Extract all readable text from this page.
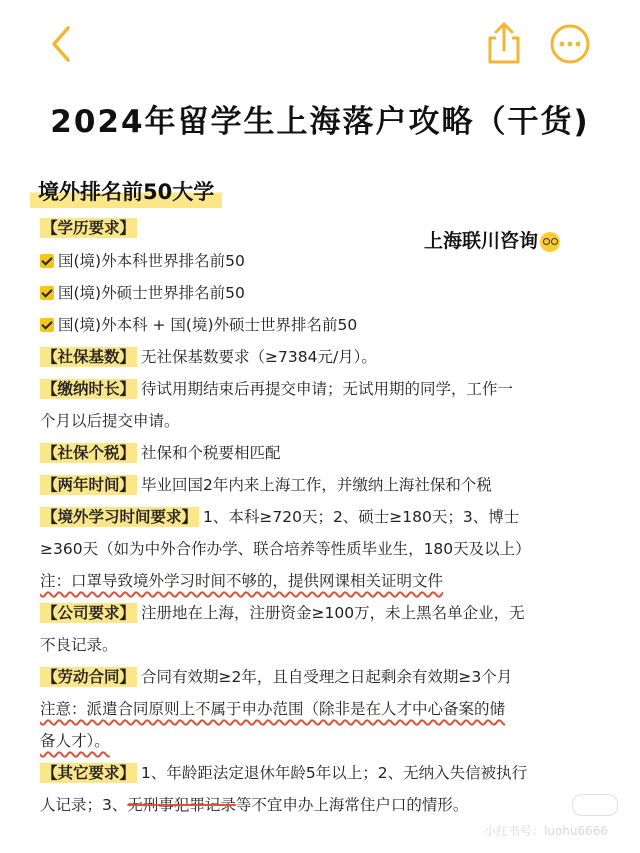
2024年留学生上海落户攻略（干货)
境外排名前50大学
上海联川咨询
【学历要求】
国(境)外本科世界排名前50
国(境)外硕士世界排名前50
国(境)外本科 + 国(境)外硕士世界排名前50
【社保基数】 无社保基数要求（≥7384元/月）。
【缴纳时长】 待试用期结束后再提交申请；无试用期的同学，工作一
个月以后提交申请。
【社保个税】 社保和个税要相匹配
【两年时间】 毕业回国2年内来上海工作，并缴纳上海社保和个税
【境外学习时间要求】 1、本科≥720天；2、硕士≥180天；3、博士
≥360天（如为中外合作办学、联合培养等性质毕业生，180天及以上）
注：口罩导致境外学习时间不够的，提供网课相关证明文件
【公司要求】 注册地在上海，注册资金≥100万，未上黑名单企业，无
不良记录。
【劳动合同】 合同有效期≥2年，且自受理之日起剩余有效期≥3个月
注意：派遣合同原则上不属于申办范围（除非是在人才中心备案的储
备人才）。
【其它要求】 1、年龄距法定退休年龄5年以上；2、无纳入失信被执行
人记录；3、无刑事犯罪记录等不宜申办上海常住户口的情形。
小红书号：luohu6666
